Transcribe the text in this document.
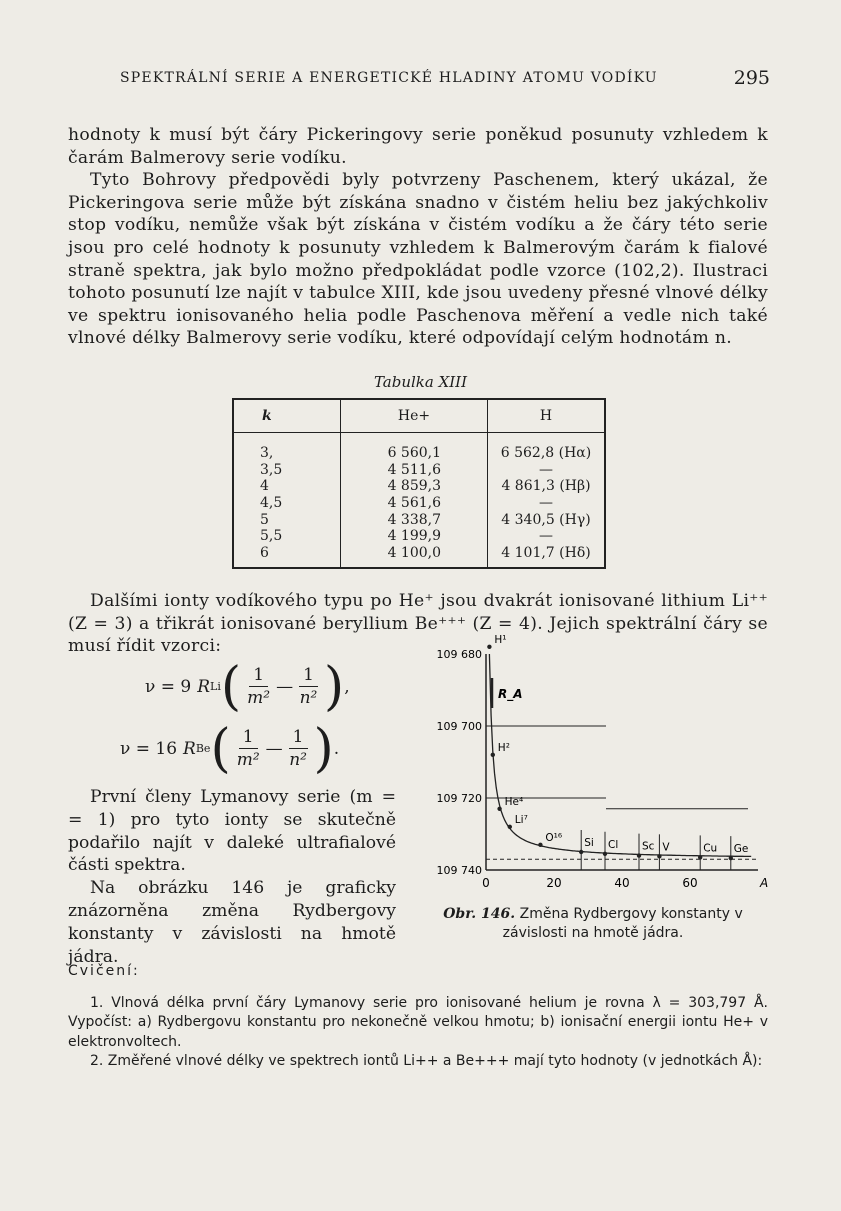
SPEKTRÁLNÍ SERIE A ENERGETICKÉ HLADINY ATOMU VODÍKU	295

hodnoty k musí být čáry Pickeringovy serie poněkud posunuty vzhledem k čarám Balmerovy serie vodíku.

Tyto Bohrovy předpovědi byly potvrzeny Paschenem, který ukázal, že Pickeringova serie může být získána snadno v čistém heliu bez jakýchkoliv stop vodíku, nemůže však být získána v čistém vodíku a že čáry této serie jsou pro celé hodnoty k posunuty vzhledem k Balmerovým čarám k fialové straně spektra, jak bylo možno předpokládat podle vzorce (102,2). Ilustraci tohoto posunutí lze najít v tabulce XIII, kde jsou uvedeny přesné vlnové délky ve spektru ionisovaného helia podle Paschenova měření a vedle nich také vlnové délky Balmerovy serie vodíku, které odpovídají celým hodnotám n.

Tabulka XIII
k	He+	H
3,	6 560,1	6 562,8 (Hα)
3,5	4 511,6	—
4	4 859,3	4 861,3 (Hβ)
4,5	4 561,6	—
5	4 338,7	4 340,5 (Hγ)
5,5	4 199,9	—
6	4 100,0	4 101,7 (Hδ)

Dalšími ionty vodíkového typu po He⁺ jsou dvakrát ionisované lithium Li⁺⁺ (Z = 3) a třikrát ionisované beryllium Be⁺⁺⁺ (Z = 4). Jejich spektrální čáry se musí řídit vzorci:

ν = 9 R Li ( $\frac{1}{\text{m²}}$ — $\frac{1}{\text{n²}}$ ) ,
ν = 16 R Be ( $\frac{1}{\text{m²}}$ — $\frac{1}{\text{n²}}$ ) .

První členy Lymanovy serie (m = = 1) pro tyto ionty se skutečně podařilo najít v daleké ultrafialové části spektra.

Na obrázku 146 je graficky znázorněna změna Rydbergovy konstanty v závislosti na hmotě jádra.

109 680
109 700
109 720
109 740
0	20	40	60	A
R_A
H¹
H²
He⁴
Li⁷
O¹⁶ Si Cl Sc V	Cu Ge
Obr. 146. Změna Rydbergovy konstanty v závislosti na hmotě jádra.
Cvičení:

1. Vlnová délka první čáry Lymanovy serie pro ionisované helium je rovna λ = 303,797 Å. Vypočíst: a) Rydbergovu konstantu pro nekonečně velkou hmotu; b) ionisační energii iontu He+ v elektronvoltech.

2. Změřené vlnové délky ve spektrech iontů Li++ a Be+++ mají tyto hodnoty (v jednotkách Å):
